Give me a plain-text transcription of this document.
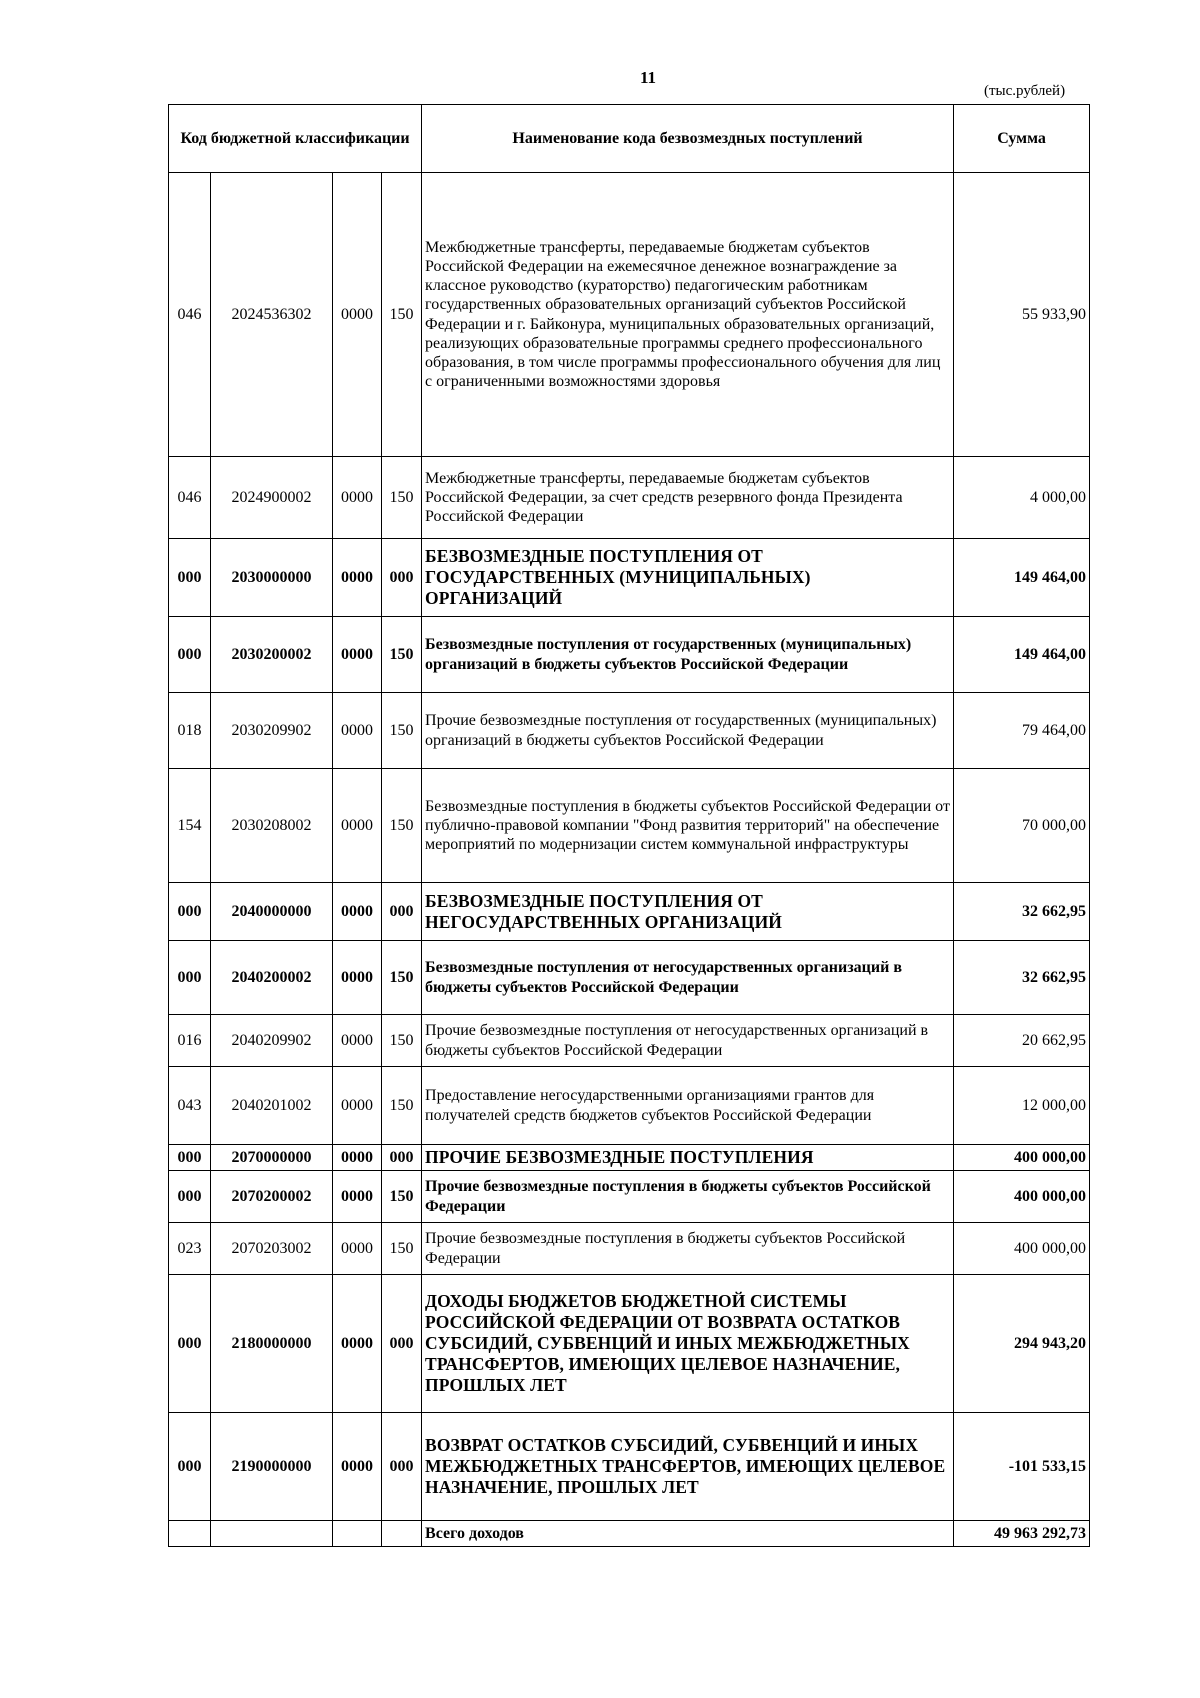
11
(тыс.рублей)
Код бюджетной классификации				Наименование кода безвозмездных поступлений	Сумма
046	2024536302	0000	150	Межбюджетные трансферты, передаваемые бюджетам субъектов Российской Федерации на ежемесячное денежное вознаграждение за классное руководство (кураторство) педагогическим работникам государственных образовательных организаций субъектов Российской Федерации и г. Байконура, муниципальных образовательных организаций, реализующих образовательные программы среднего профессионального образования, в том числе программы профессионального обучения для лиц с ограниченными возможностями здоровья	55 933,90
046	2024900002	0000	150	Межбюджетные трансферты, передаваемые бюджетам субъектов Российской Федерации, за счет средств резервного фонда Президента Российской Федерации	4 000,00
000	2030000000	0000	000	БЕЗВОЗМЕЗДНЫЕ ПОСТУПЛЕНИЯ ОТ ГОСУДАРСТВЕННЫХ (МУНИЦИПАЛЬНЫХ) ОРГАНИЗАЦИЙ	149 464,00
000	2030200002	0000	150	Безвозмездные поступления от государственных (муниципальных) организаций в бюджеты субъектов Российской Федерации	149 464,00
018	2030209902	0000	150	Прочие безвозмездные поступления от государственных (муниципальных) организаций в бюджеты субъектов Российской Федерации	79 464,00
154	2030208002	0000	150	Безвозмездные поступления в бюджеты субъектов Российской Федерации от публично-правовой компании "Фонд развития территорий" на обеспечение мероприятий по модернизации систем коммунальной инфраструктуры	70 000,00
000	2040000000	0000	000	БЕЗВОЗМЕЗДНЫЕ ПОСТУПЛЕНИЯ ОТ НЕГОСУДАРСТВЕННЫХ ОРГАНИЗАЦИЙ	32 662,95
000	2040200002	0000	150	Безвозмездные поступления от негосударственных организаций в бюджеты субъектов Российской Федерации	32 662,95
016	2040209902	0000	150	Прочие безвозмездные поступления от негосударственных организаций в бюджеты субъектов Российской Федерации	20 662,95
043	2040201002	0000	150	Предоставление негосударственными организациями грантов для получателей средств бюджетов субъектов Российской Федерации	12 000,00
000	2070000000	0000	000	ПРОЧИЕ БЕЗВОЗМЕЗДНЫЕ ПОСТУПЛЕНИЯ	400 000,00
000	2070200002	0000	150	Прочие безвозмездные поступления в бюджеты субъектов Российской Федерации	400 000,00
023	2070203002	0000	150	Прочие безвозмездные поступления в бюджеты субъектов Российской Федерации	400 000,00
000	2180000000	0000	000	ДОХОДЫ БЮДЖЕТОВ БЮДЖЕТНОЙ СИСТЕМЫ РОССИЙСКОЙ ФЕДЕРАЦИИ ОТ ВОЗВРАТА ОСТАТКОВ СУБСИДИЙ, СУБВЕНЦИЙ И ИНЫХ МЕЖБЮДЖЕТНЫХ ТРАНСФЕРТОВ, ИМЕЮЩИХ ЦЕЛЕВОЕ НАЗНАЧЕНИЕ, ПРОШЛЫХ ЛЕТ	294 943,20
000	2190000000	0000	000	ВОЗВРАТ ОСТАТКОВ СУБСИДИЙ, СУБВЕНЦИЙ И ИНЫХ МЕЖБЮДЖЕТНЫХ ТРАНСФЕРТОВ, ИМЕЮЩИХ ЦЕЛЕВОЕ НАЗНАЧЕНИЕ, ПРОШЛЫХ ЛЕТ	-101 533,15
				Всего доходов	49 963 292,73
